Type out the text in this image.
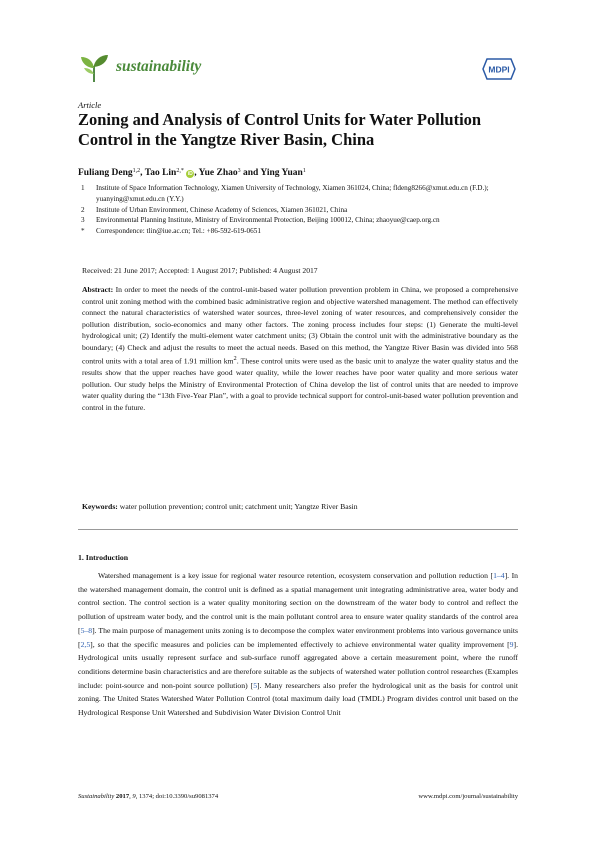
sustainability	MDPI
Article
Zoning and Analysis of Control Units for Water Pollution Control in the Yangtze River Basin, China
Fuliang Deng$^{1,2}$, Tao Lin$^{2,*}$ iD , Yue Zhao$^3$ and Ying Yuan$^1$
1	Institute of Space Information Technology, Xiamen University of Technology, Xiamen 361024, China; fldeng8266@xmut.edu.cn (F.D.); yuanying@xmut.edu.cn (Y.Y.)
2	Institute of Urban Environment, Chinese Academy of Sciences, Xiamen 361021, China
3	Environmental Planning Institute, Ministry of Environmental Protection, Beijing 100012, China; zhaoyue@caep.org.cn
*	Correspondence: tlin@iue.ac.cn; Tel.: +86-592-619-0651
Received: 21 June 2017; Accepted: 1 August 2017; Published: 4 August 2017

Abstract: In order to meet the needs of the control-unit-based water pollution prevention problem in China, we proposed a comprehensive control unit zoning method with the combined basic administrative region and objective watershed management. The method can effectively connect the natural characteristics of watershed water sources, three-level zoning of water resources, and comprehensively consider the pollution distribution, socio-economics and many other factors. The zoning process includes four steps: (1) Generate the multi-level hydrological unit; (2) Identify the multi-element water catchment units; (3) Obtain the control unit with the administrative boundary as the boundary; (4) Check and adjust the results to meet the actual needs. Based on this method, the Yangtze River Basin was divided into 568 control units with a total area of 1.91 million $km^2$. These control units were used as the basic unit to analyze the water quality status and the results show that the upper reaches have good water quality, while the lower reaches have poor water quality and more serious water pollution. Our study helps the Ministry of Environmental Protection of China develop the list of control units that are needed to improve water quality during the “13th Five-Year Plan”, with a goal to provide technical support for control-unit-based water pollution prevention and control in the future.

Keywords: water pollution prevention; control unit; catchment unit; Yangtze River Basin
1. Introduction

Watershed management is a key issue for regional water resource retention, ecosystem conservation and pollution reduction [1–4]. In the watershed management domain, the control unit is defined as a spatial management unit integrating administrative area, water body and control section. The control section is a water quality monitoring section on the downstream of the water body to control and reflect the pollution of upstream water body, and the control unit is the main pollutant control area to ensure water quality standards of the control area [5–8]. The main purpose of management units zoning is to decompose the complex water environment problems into various governance units [2,5], so that the specific measures and policies can be implemented effectively to achieve environmental water quality improvement [9]. Hydrological units usually represent surface and sub-surface runoff aggregated above a certain measurement point, where the runoff conditions determine basin characteristics and are therefore suitable as the subjects of watershed water pollution control researches (Examples include: point-source and non-point source pollution) [5]. Many researchers also prefer the hydrological unit as the basis for control unit zoning. The United States Watershed Water Pollution Control (total maximum daily load (TMDL) Program divides control unit based on the Hydrological Response Unit Watershed and Subdivision Water Division Control Unit

Sustainability 2017, 9, 1374; doi:10.3390/su9081374	www.mdpi.com/journal/sustainability
